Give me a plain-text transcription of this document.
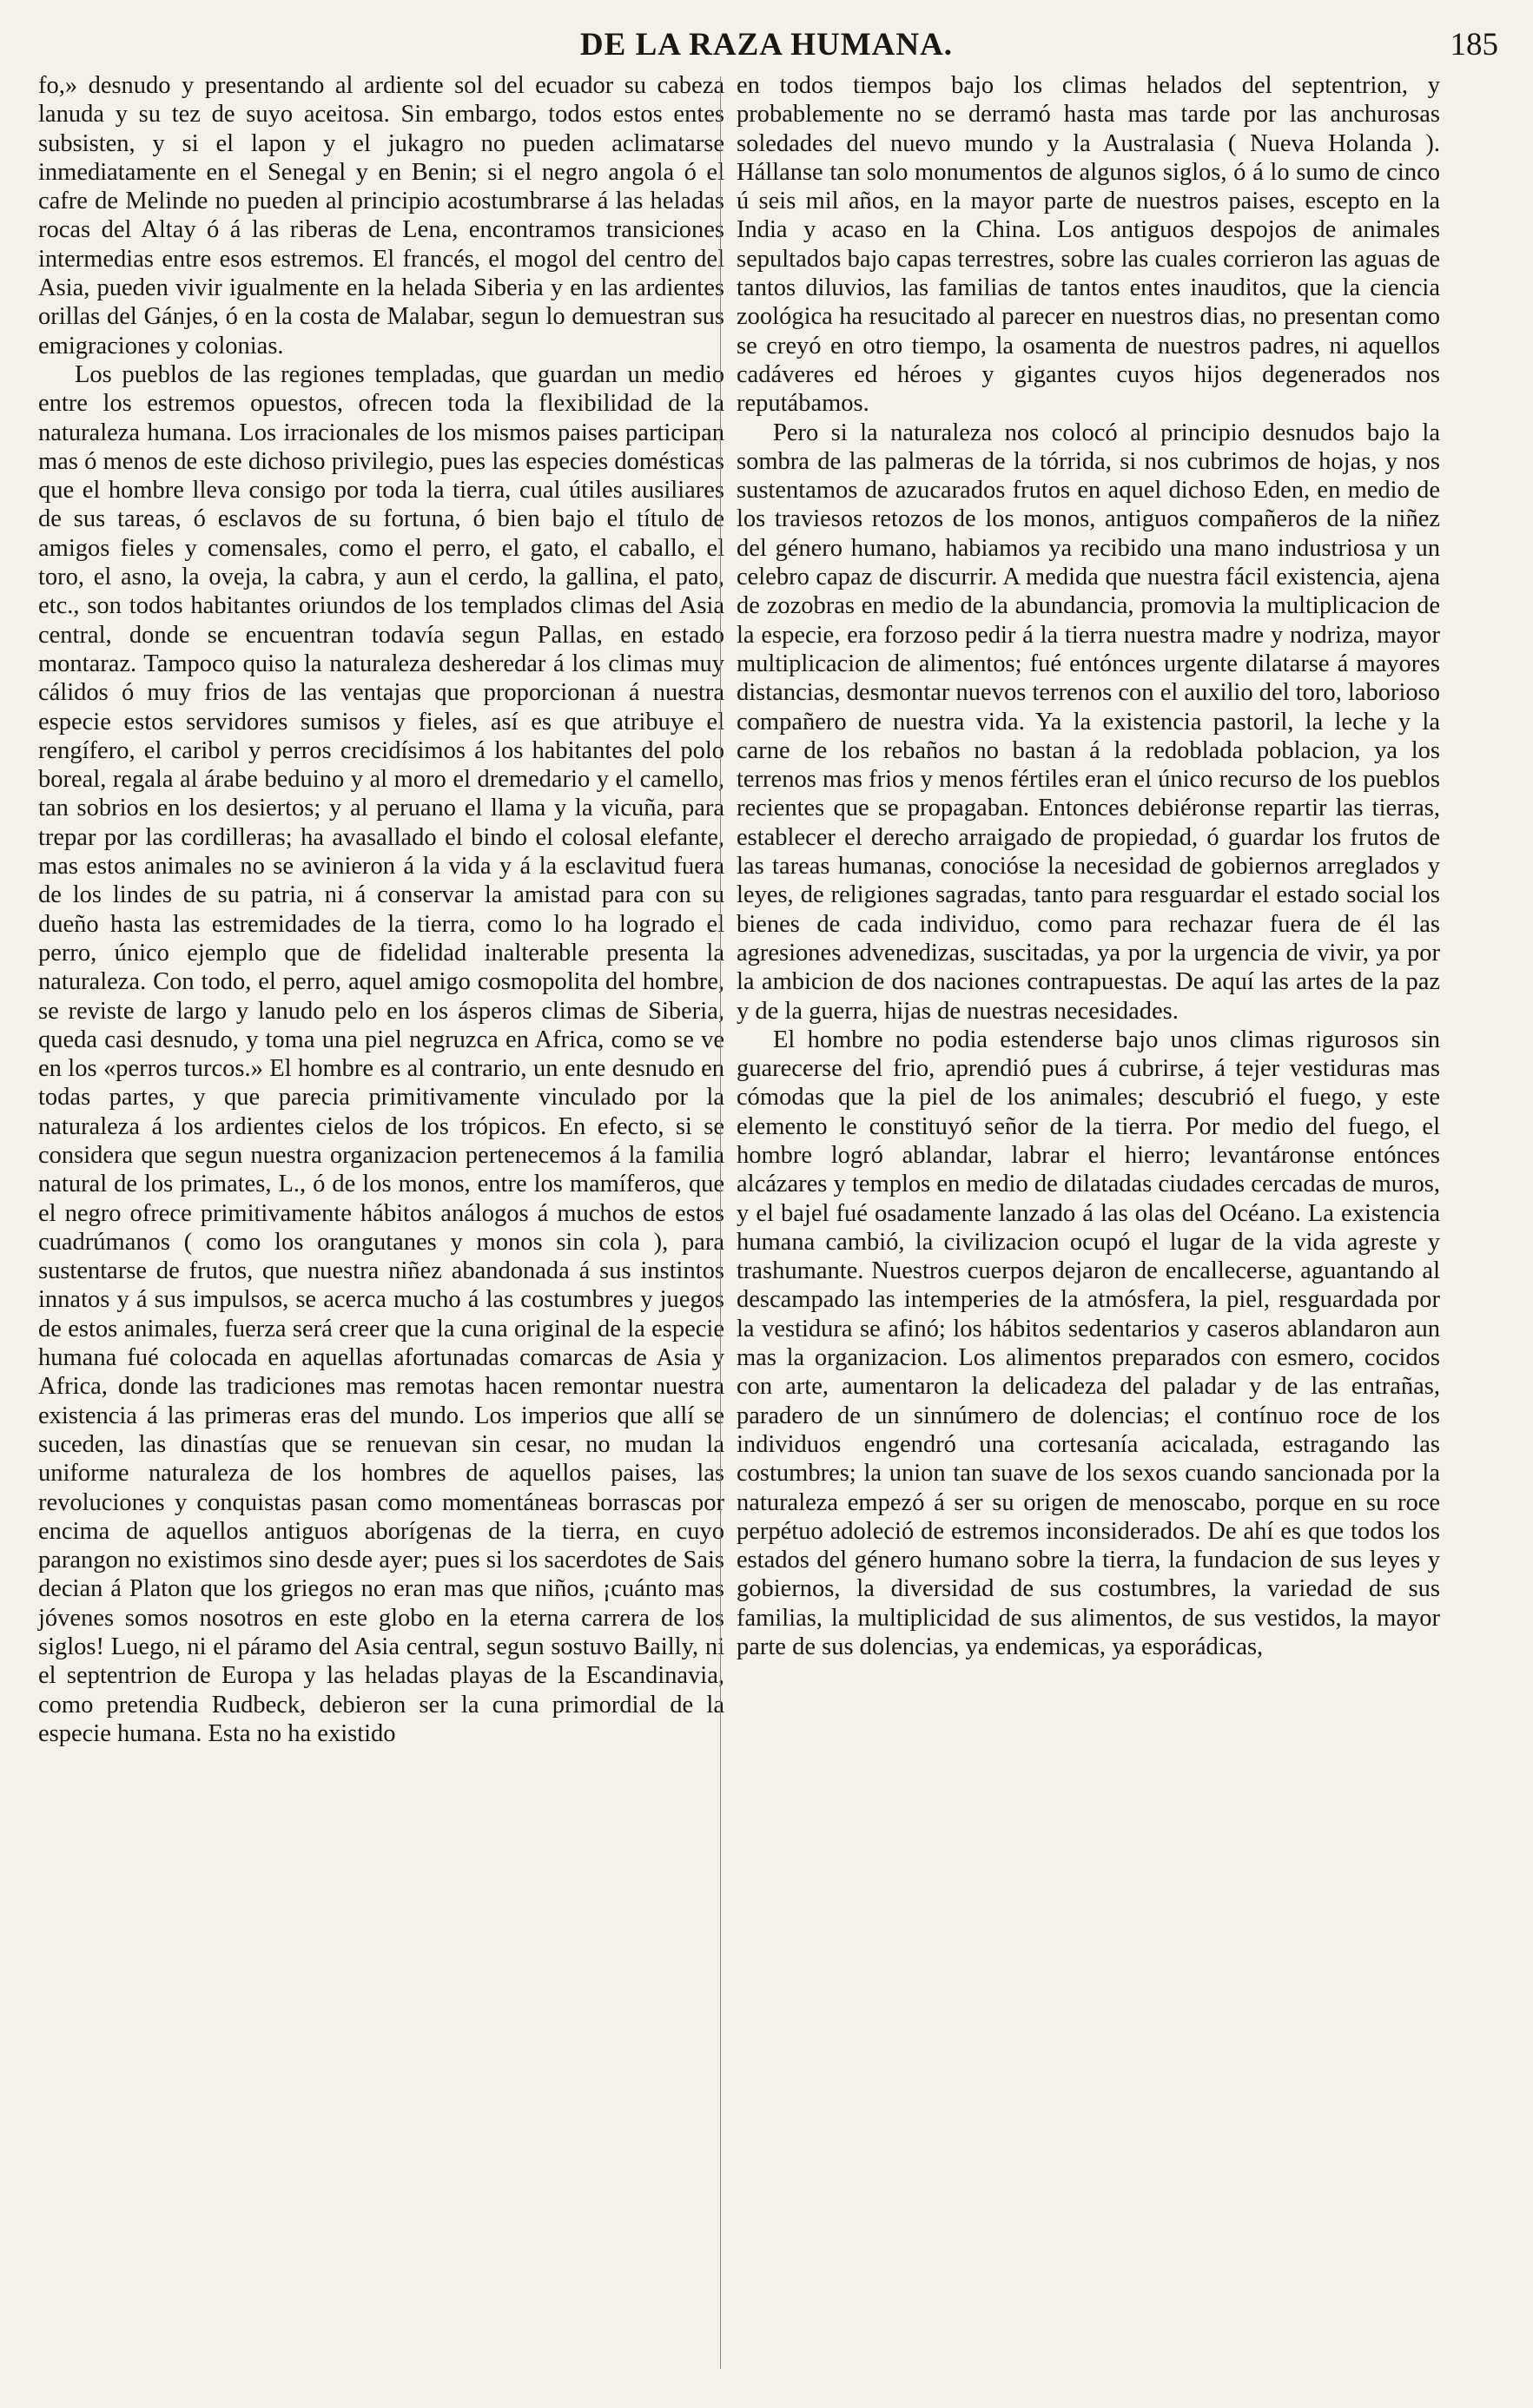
DE LA RAZA HUMANA.	185

fo,» desnudo y presentando al ardiente sol del ecuador su cabeza lanuda y su tez de suyo aceitosa. Sin embargo, todos estos entes subsisten, y si el lapon y el jukagro no pueden aclimatarse inmediatamente en el Senegal y en Benin; si el negro angola ó el cafre de Melinde no pueden al principio acostumbrarse á las heladas rocas del Altay ó á las riberas de Lena, encontramos transiciones intermedias entre esos estremos. El francés, el mogol del centro del Asia, pueden vivir igualmente en la helada Siberia y en las ardientes orillas del Gánjes, ó en la costa de Malabar, segun lo demuestran sus emigraciones y colonias.

Los pueblos de las regiones templadas, que guardan un medio entre los estremos opuestos, ofrecen toda la flexibilidad de la naturaleza humana. Los irracionales de los mismos paises participan mas ó menos de este dichoso privilegio, pues las especies domésticas que el hombre lleva consigo por toda la tierra, cual útiles ausiliares de sus tareas, ó esclavos de su fortuna, ó bien bajo el título de amigos fieles y comensales, como el perro, el gato, el caballo, el toro, el asno, la oveja, la cabra, y aun el cerdo, la gallina, el pato, etc., son todos habitantes oriundos de los templados climas del Asia central, donde se encuentran todavía segun Pallas, en estado montaraz. Tampoco quiso la naturaleza desheredar á los climas muy cálidos ó muy frios de las ventajas que proporcionan á nuestra especie estos servidores sumisos y fieles, así es que atribuye el rengífero, el caribol y perros crecidísimos á los habitantes del polo boreal, regala al árabe beduino y al moro el dremedario y el camello, tan sobrios en los desiertos; y al peruano el llama y la vicuña, para trepar por las cordilleras; ha avasallado el bindo el colosal elefante, mas estos animales no se avinieron á la vida y á la esclavitud fuera de los lindes de su patria, ni á conservar la amistad para con su dueño hasta las estremidades de la tierra, como lo ha logrado el perro, único ejemplo que de fidelidad inalterable presenta la naturaleza. Con todo, el perro, aquel amigo cosmopolita del hombre, se reviste de largo y lanudo pelo en los ásperos climas de Siberia, queda casi desnudo, y toma una piel negruzca en Africa, como se ve en los «perros turcos.» El hombre es al contrario, un ente desnudo en todas partes, y que parecia primitivamente vinculado por la naturaleza á los ardientes cielos de los trópicos. En efecto, si se considera que segun nuestra organizacion pertenecemos á la familia natural de los primates, L., ó de los monos, entre los mamíferos, que el negro ofrece primitivamente hábitos análogos á muchos de estos cuadrúmanos ( como los orangutanes y monos sin cola ), para sustentarse de frutos, que nuestra niñez abandonada á sus instintos innatos y á sus impulsos, se acerca mucho á las costumbres y juegos de estos animales, fuerza será creer que la cuna original de la especie humana fué colocada en aquellas afortunadas comarcas de Asia y Africa, donde las tradiciones mas remotas hacen remontar nuestra existencia á las primeras eras del mundo. Los imperios que allí se suceden, las dinastías que se renuevan sin cesar, no mudan la uniforme naturaleza de los hombres de aquellos paises, las revoluciones y conquistas pasan como momentáneas borrascas por encima de aquellos antiguos aborígenas de la tierra, en cuyo parangon no existimos sino desde ayer; pues si los sacerdotes de Sais decian á Platon que los griegos no eran mas que niños, ¡cuánto mas jóvenes somos nosotros en este globo en la eterna carrera de los siglos! Luego, ni el páramo del Asia central, segun sostuvo Bailly, ni el septentrion de Europa y las heladas playas de la Escandinavia, como pretendia Rudbeck, debieron ser la cuna primordial de la especie humana. Esta no ha existido

en todos tiempos bajo los climas helados del septentrion, y probablemente no se derramó hasta mas tarde por las anchurosas soledades del nuevo mundo y la Australasia ( Nueva Holanda ). Hállanse tan solo monumentos de algunos siglos, ó á lo sumo de cinco ú seis mil años, en la mayor parte de nuestros paises, escepto en la India y acaso en la China. Los antiguos despojos de animales sepultados bajo capas terrestres, sobre las cuales corrieron las aguas de tantos diluvios, las familias de tantos entes inauditos, que la ciencia zoológica ha resucitado al parecer en nuestros dias, no presentan como se creyó en otro tiempo, la osamenta de nuestros padres, ni aquellos cadáveres ed héroes y gigantes cuyos hijos degenerados nos reputábamos.

Pero si la naturaleza nos colocó al principio desnudos bajo la sombra de las palmeras de la tórrida, si nos cubrimos de hojas, y nos sustentamos de azucarados frutos en aquel dichoso Eden, en medio de los traviesos retozos de los monos, antiguos compañeros de la niñez del género humano, habiamos ya recibido una mano industriosa y un celebro capaz de discurrir. A medida que nuestra fácil existencia, ajena de zozobras en medio de la abundancia, promovia la multiplicacion de la especie, era forzoso pedir á la tierra nuestra madre y nodriza, mayor multiplicacion de alimentos; fué entónces urgente dilatarse á mayores distancias, desmontar nuevos terrenos con el auxilio del toro, laborioso compañero de nuestra vida. Ya la existencia pastoril, la leche y la carne de los rebaños no bastan á la redoblada poblacion, ya los terrenos mas frios y menos fértiles eran el único recurso de los pueblos recientes que se propagaban. Entonces debiéronse repartir las tierras, establecer el derecho arraigado de propiedad, ó guardar los frutos de las tareas humanas, conocióse la necesidad de gobiernos arreglados y leyes, de religiones sagradas, tanto para resguardar el estado social los bienes de cada individuo, como para rechazar fuera de él las agresiones advenedizas, suscitadas, ya por la urgencia de vivir, ya por la ambicion de dos naciones contrapuestas. De aquí las artes de la paz y de la guerra, hijas de nuestras necesidades.

El hombre no podia estenderse bajo unos climas rigurosos sin guarecerse del frio, aprendió pues á cubrirse, á tejer vestiduras mas cómodas que la piel de los animales; descubrió el fuego, y este elemento le constituyó señor de la tierra. Por medio del fuego, el hombre logró ablandar, labrar el hierro; levantáronse entónces alcázares y templos en medio de dilatadas ciudades cercadas de muros, y el bajel fué osadamente lanzado á las olas del Océano. La existencia humana cambió, la civilizacion ocupó el lugar de la vida agreste y trashumante. Nuestros cuerpos dejaron de encallecerse, aguantando al descampado las intemperies de la atmósfera, la piel, resguardada por la vestidura se afinó; los hábitos sedentarios y caseros ablandaron aun mas la organizacion. Los alimentos preparados con esmero, cocidos con arte, aumentaron la delicadeza del paladar y de las entrañas, paradero de un sinnúmero de dolencias; el contínuo roce de los individuos engendró una cortesanía acicalada, estragando las costumbres; la union tan suave de los sexos cuando sancionada por la naturaleza empezó á ser su origen de menoscabo, porque en su roce perpétuo adoleció de estremos inconsiderados. De ahí es que todos los estados del género humano sobre la tierra, la fundacion de sus leyes y gobiernos, la diversidad de sus costumbres, la variedad de sus familias, la multiplicidad de sus alimentos, de sus vestidos, la mayor parte de sus dolencias, ya endemicas, ya esporádicas,
